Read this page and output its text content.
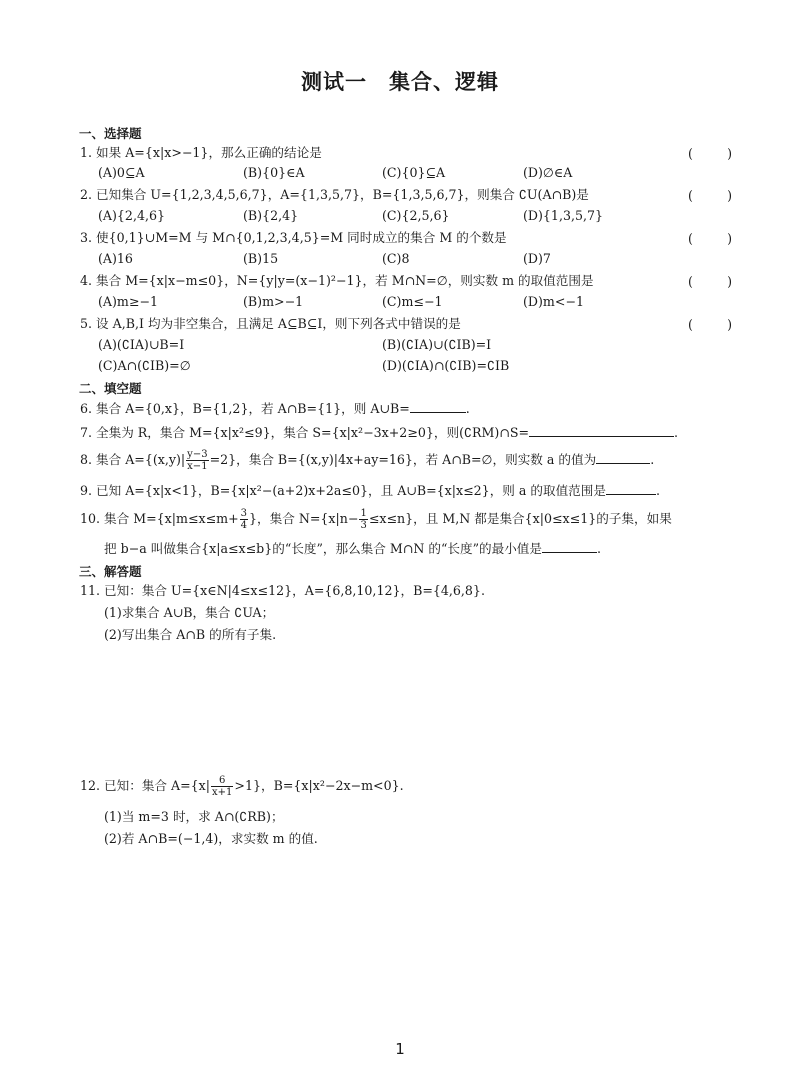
测试一　集合、逻辑
一、选择题
1. 如果 A={x|x>−1}，那么正确的结论是	(	)
(A)0⊆A	(B){0}∈A	(C){0}⊆A	(D)∅∈A
2. 已知集合 U={1,2,3,4,5,6,7}，A={1,3,5,7}，B={1,3,5,6,7}，则集合 ∁U(A∩B)是	(	)
(A){2,4,6}	(B){2,4}	(C){2,5,6}	(D){1,3,5,7}
3. 使{0,1}∪M=M 与 M∩{0,1,2,3,4,5}=M 同时成立的集合 M 的个数是	(	)
(A)16	(B)15	(C)8	(D)7
4. 集合 M={x|x−m≤0}，N={y|y=(x−1)²−1}，若 M∩N=∅，则实数 m 的取值范围是	(	)
(A)m≥−1	(B)m>−1	(C)m≤−1	(D)m<−1
5. 设 A,B,I 均为非空集合，且满足 A⊆B⊆I，则下列各式中错误的是	(	)
(A)(∁IA)∪B=I	(B)(∁IA)∪(∁IB)=I
(C)A∩(∁IB)=∅	(D)(∁IA)∩(∁IB)=∁IB
二、填空题
6. 集合 A={0,x}，B={1,2}，若 A∩B={1}，则 A∪B=	.
7. 全集为 R，集合 M={x|x²≤9}，集合 S={x|x²−3x+2≥0}，则(∁RM)∩S=	.
8. 集合 $A=\{(x,y)| \frac{y-3}{x-1} =2\}$，集合 B={(x,y)|4x+ay=16}，若 A∩B=∅，则实数 a 的值为	.
9. 已知 A={x|x<1}，B={x|x²−(a+2)x+2a≤0}，且 A∪B={x|x≤2}，则 a 的取值范围是	.
10. 集合 $M=\{x|m\le x\le m+ \frac{3}{4}$ }，集合 $N=\{x|n- \frac{1}{3} \le x\le n\}$，且 M,N 都是集合{x|0≤x≤1}的子集，如果
把 b−a 叫做集合{x|a≤x≤b}的“长度”，那么集合 M∩N 的“长度”的最小值是	.
三、解答题
11. 已知：集合 U={x∈N|4≤x≤12}，A={6,8,10,12}，B={4,6,8}.
(1)求集合 A∪B，集合 ∁UA；
(2)写出集合 A∩B 的所有子集.
12. 已知：集合 $A=\{x| \frac{6}{x+1} >1\}$，B={x|x²−2x−m<0}.
(1)当 m=3 时，求 A∩(∁RB)；
(2)若 A∩B=(−1,4)，求实数 m 的值.
1
